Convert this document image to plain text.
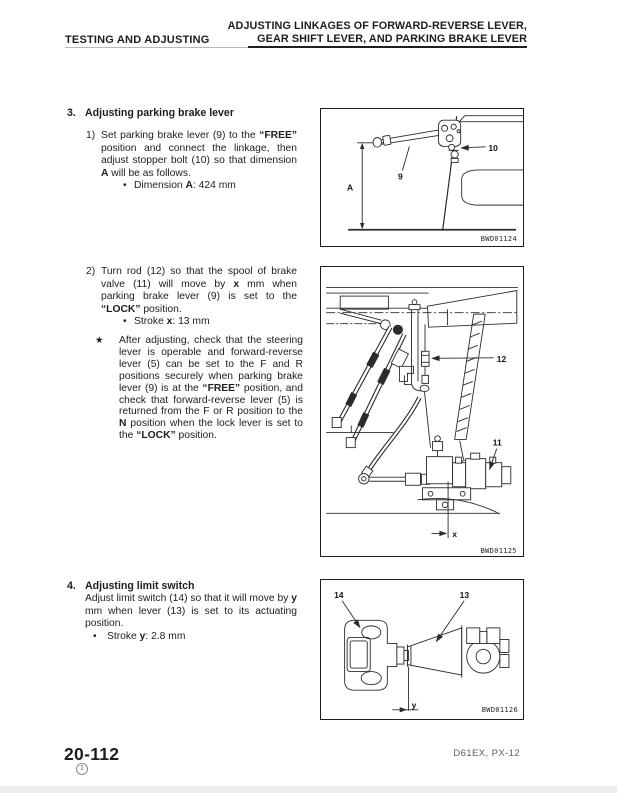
TESTING AND ADJUSTING
ADJUSTING LINKAGES OF FORWARD-REVERSE LEVER,
GEAR SHIFT LEVER, AND PARKING BRAKE LEVER
3. Adjusting parking brake lever
1) Set parking brake lever (9) to the “FREE” position and connect the linkage, then adjust stopper bolt (10) so that dimension A will be as follows.
• Dimension A: 424 mm
2) Turn rod (12) so that the spool of brake valve (11) will move by x mm when parking brake lever (9) is set to the “LOCK” position.
• Stroke x: 13 mm
★	After adjusting, check that the steering lever is operable and forward-reverse lever (5) can be set to the F and R positions securely when parking brake lever (9) is at the “FREE” position, and check that forward-reverse lever (5) is returned from the F or R position to the N position when the lock lever is set to the “LOCK” position.
4. Adjusting limit switch
Adjust limit switch (14) so that it will move by y mm when lever (13) is set to its actuating position.
•	Stroke y: 2.8 mm
A
9
10
BWD01124
x
12
11
BWD01125
y
14	13
BWD01126
20-112
1
D61EX, PX-12
